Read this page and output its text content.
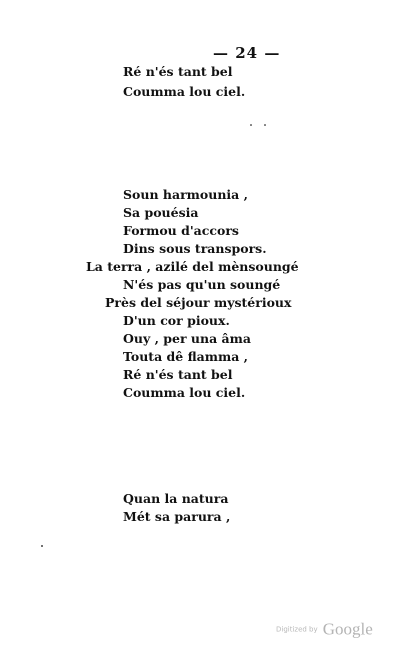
— 24 —
Ré n'és tant bel
Coumma lou ciel.
Soun harmounia ,
Sa pouésia
Formou d'accors
Dins sous transpors.
La terra , azilé del mènsoungé
N'és pas qu'un soungé
Près del séjour mystérioux
D'un cor pioux.
Ouy , per una âma
Touta dê flamma ,
Ré n'és tant bel
Coumma lou ciel.
Quan la natura
Mét sa parura ,
Digitized by Google
